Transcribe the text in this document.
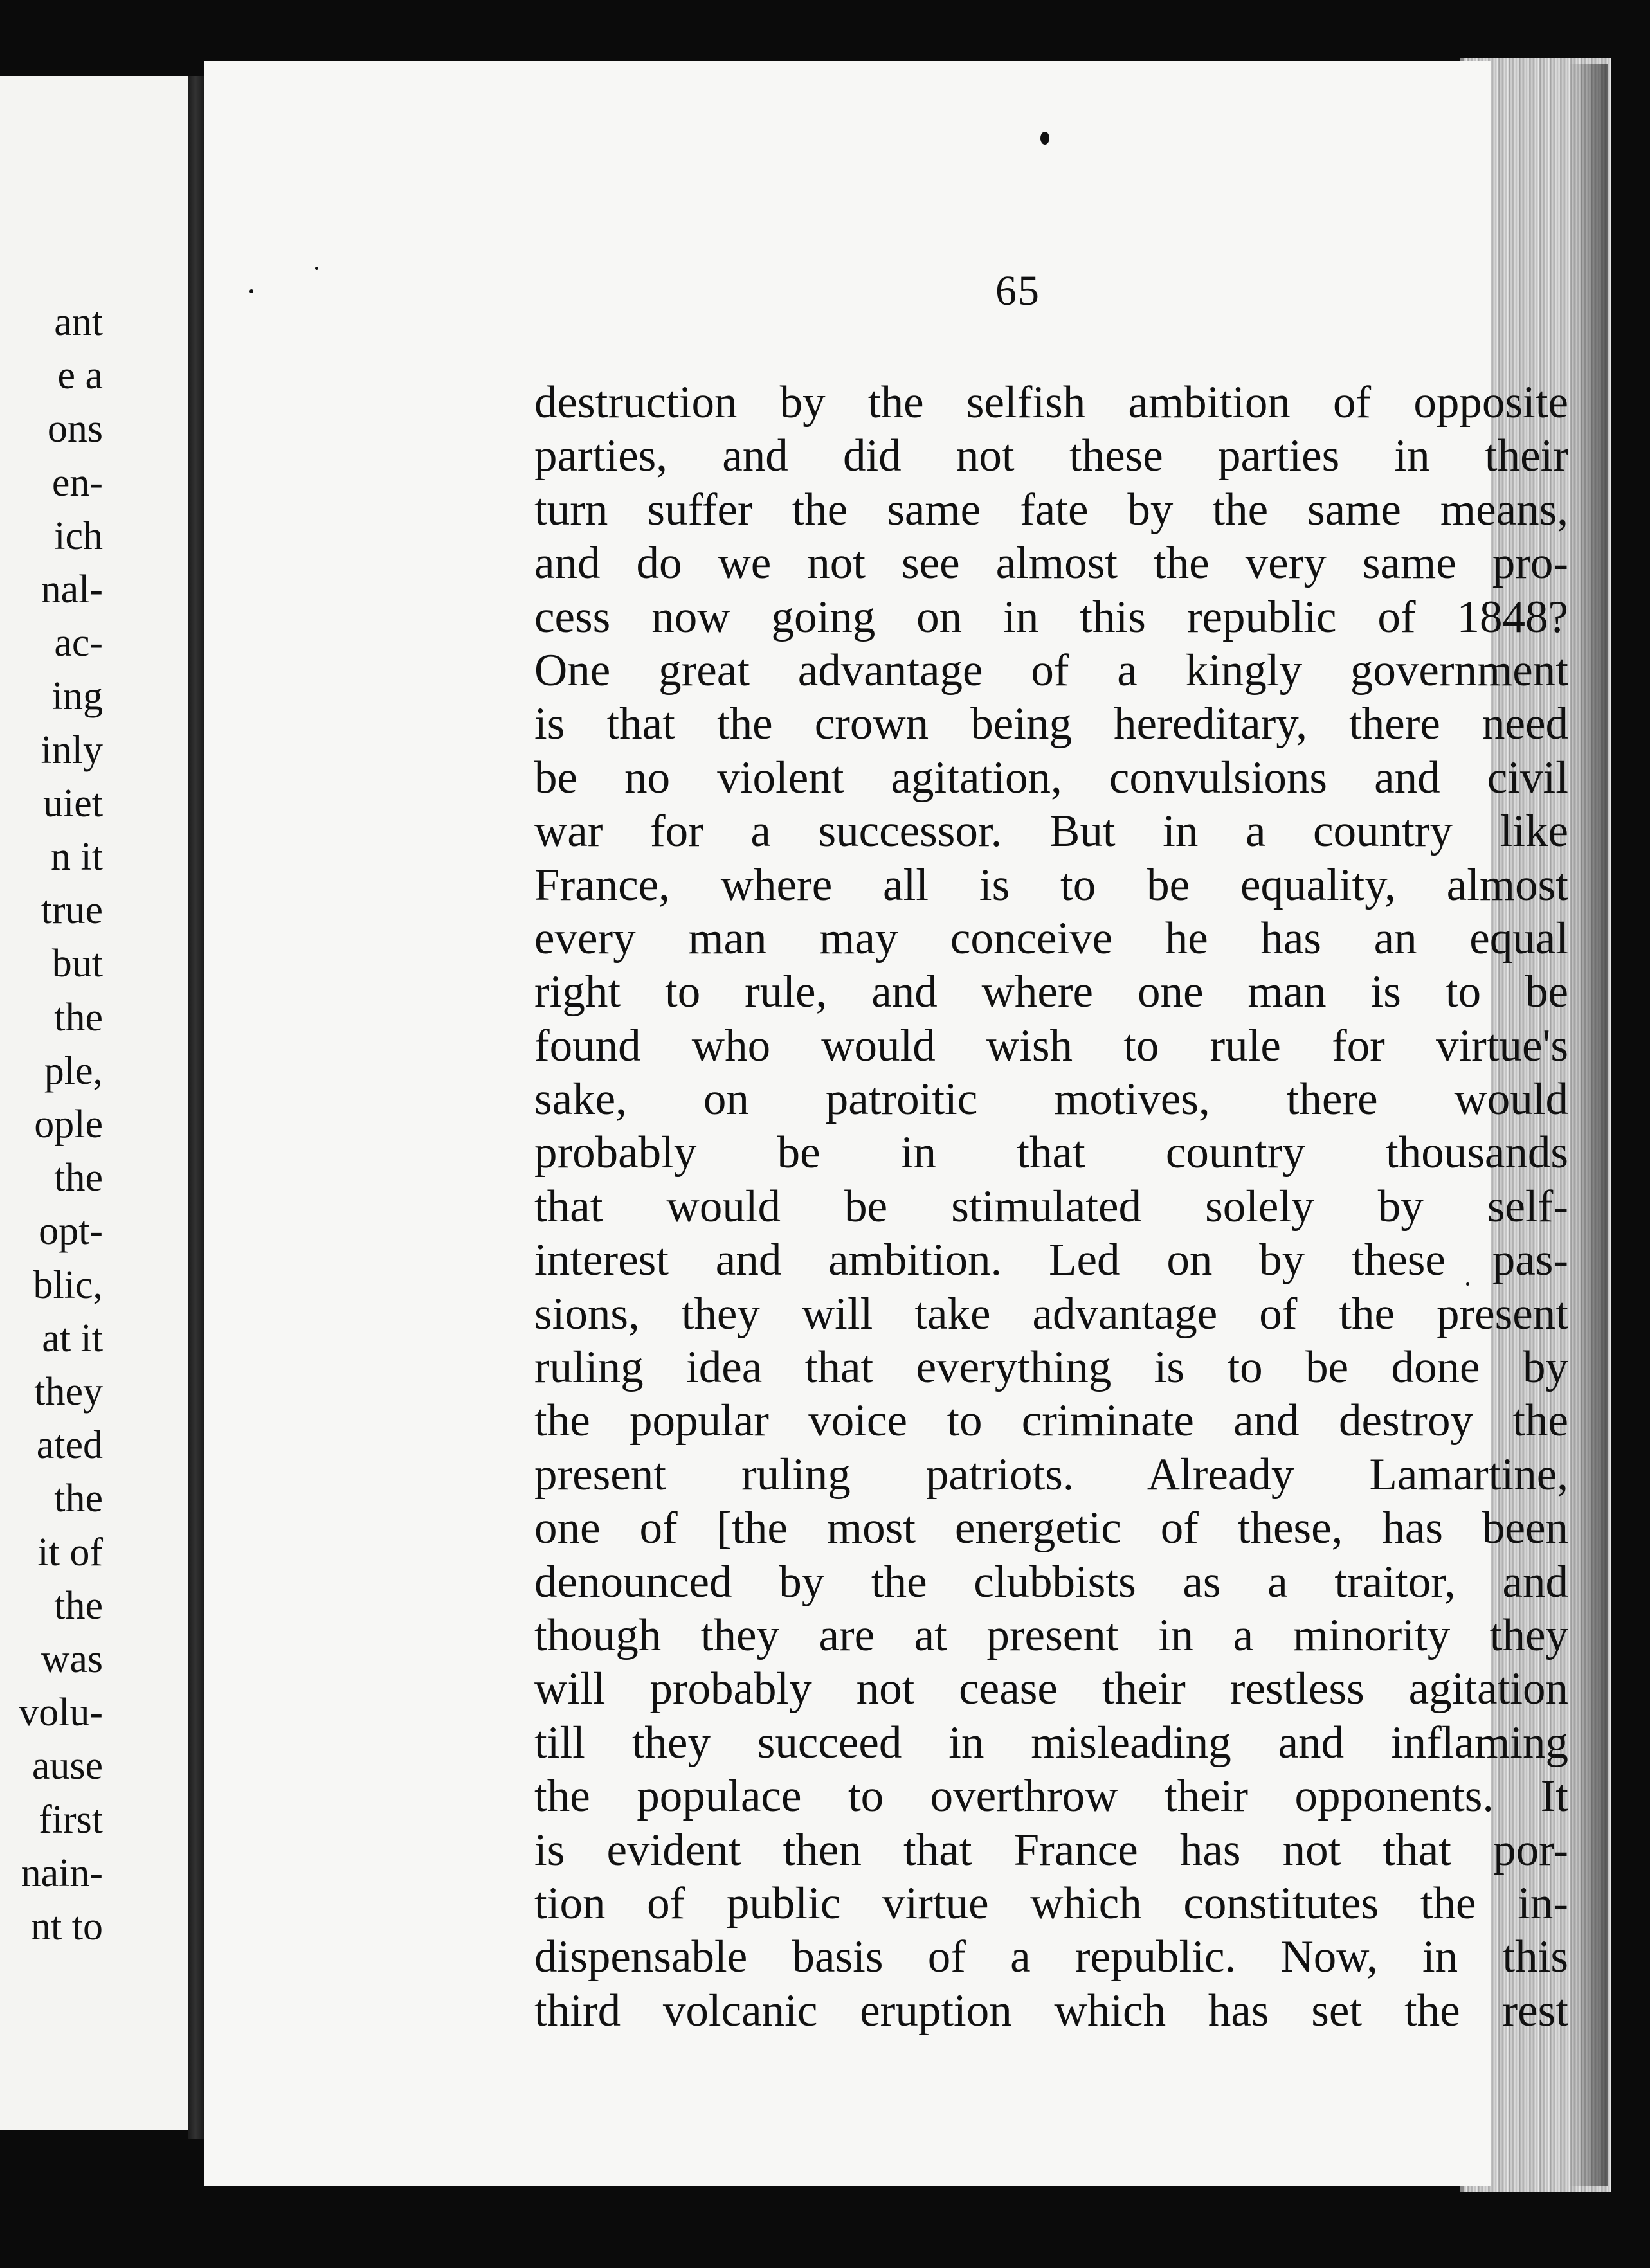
ant
e a
ons
en-
ich
nal-
ac-
ing
inly
uiet
n it
true
but
the
ple,
ople
the
opt-
blic,
at it
they
ated
the
it of
the
was
volu-
ause
first
nain-
nt to
65
destruction by the selfish ambition of opposite
parties, and did not these parties in their
turn suffer the same fate by the same means,
and do we not see almost the very same pro-
cess now going on in this republic of 1848?
One great advantage of a kingly government
is that the crown being hereditary, there need
be no violent agitation, convulsions and civil
war for a successor. But in a country like
France, where all is to be equality, almost
every man may conceive he has an equal
right to rule, and where one man is to be
found who would wish to rule for virtue's
sake, on patroitic motives, there would
probably be in that country thousands
that would be stimulated solely by self-
interest and ambition. Led on by these pas-
sions, they will take advantage of the present
ruling idea that everything is to be done by
the popular voice to criminate and destroy the
present ruling patriots. Already Lamartine,
one of [the most energetic of these, has been
denounced by the clubbists as a traitor, and
though they are at present in a minority they
will probably not cease their restless agitation
till they succeed in misleading and inflaming
the populace to overthrow their opponents. It
is evident then that France has not that por-
tion of public virtue which constitutes the in-
dispensable basis of a republic. Now, in this
third volcanic eruption which has set the rest
